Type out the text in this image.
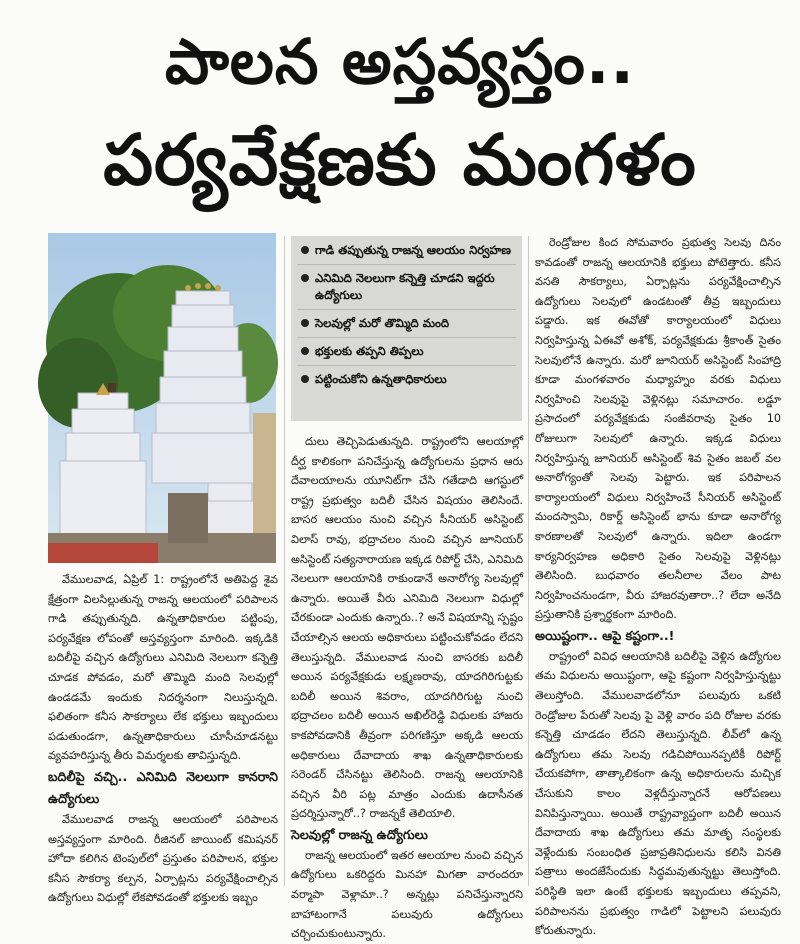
పాలన అస్తవ్యస్తం..
పర్యవేక్షణకు మంగళం

వేములవాడ, ఏప్రిల్ 1: రాష్ట్రంలోనే అతిపెద్ద శైవ క్షేత్రంగా విలసిల్లుతున్న రాజన్న ఆలయంలో పరిపాలన గాడి తప్పుతున్నది. ఉన్నతాధికారుల పట్టింపు, పర్యవేక్షణ లోపంతో అస్తవ్యస్తంగా మారింది. ఇక్కడికి బదిలీపై వచ్చిన ఉద్యోగులు ఎనిమిది నెలలుగా కన్నెత్తి చూడక పోవడం, మరో తొమ్మిది మంది సెలవుల్లో ఉండడమే ఇందుకు నిదర్శనంగా నిలుస్తున్నది. ఫలితంగా కనీస సౌకర్యాలు లేక భక్తులు ఇబ్బందులు పడుతుండగా, ఉన్నతాధికారులు చూసీచూడనట్టు వ్యవహరిస్తున్న తీరు విమర్శలకు తావిస్తున్నది.

బదిలీపై వచ్చి.. ఎనిమిది నెలలుగా కానరాని ఉద్యోగులు

వేములవాడ రాజన్న ఆలయంలో పరిపాలన అస్తవ్యస్తంగా మారింది. రీజినల్ జాయింట్ కమిషనర్ హోదా కలిగిన టెంపుల్‌లో ప్రస్తుతం పరిపాలన, భక్తుల కనీస సౌకర్యా కల్పన, ఏర్పాట్లను పర్యవేక్షించాల్సిన ఉద్యోగులు విధుల్లో లేకపోవడంతో భక్తులకు ఇబ్బం

గాడి తప్పుతున్న రాజన్న ఆలయం నిర్వహణ
ఎనిమిది నెలలుగా కన్నెత్తి చూడని ఇద్దరు ఉద్యోగులు
సెలవుల్లో మరో తొమ్మిది మంది
భక్తులకు తప్పని తిప్పలు
పట్టించుకోని ఉన్నతాధికారులు

దులు తెచ్చిపెడుతున్నది. రాష్ట్రంలోని ఆలయాల్లో దీర్ఘ కాలికంగా పనిచేస్తున్న ఉద్యోగులను ప్రధాన ఆరు దేవాలయాలను యూనిట్‌గా చేసి గతేడాది ఆగస్టులో రాష్ట్ర ప్రభుత్వం బదిలీ చేసిన విషయం తెలిసిందే. బాసర ఆలయం నుంచి వచ్చిన సీనియర్ అసిస్టెంట్ విలాస్ రావు, భద్రాచలం నుంచి వచ్చిన జూనియర్ అసిస్టెంట్ సత్యనారాయణ ఇక్కడ రిపోర్ట్ చేసి, ఎనిమిది నెలలుగా ఆలయానికి రాకుండానే అనారోగ్య సెలవుల్లో ఉన్నారు. అయితే వీరు ఎనిమిది నెలలుగా విధుల్లో చేరకుండా ఎందుకు ఉన్నారు..? అనే విషయాన్ని స్పష్టం చేయాల్సిన ఆలయ అధికారులు పట్టించుకోవడం లేదని తెలుస్తున్నది. వేములవాడ నుంచి బాసరకు బదిలీ అయిన పర్యవేక్షకుడు లక్ష్మణరావు, యాదగిరిగుట్టకు బదిలీ అయిన శివరాం, యాదగిరిగుట్ట నుంచి భద్రాచలం బదిలీ అయిన అఖిల్‌రెడ్డి విధులకు హాజరు కాకపోవడానికి తీవ్రంగా పరిగణిస్తూ అక్కడి ఆలయ అధికారులు దేవాదాయ శాఖ ఉన్నతాధికారులకు సరెండర్ చేసినట్టు తెలిసింది. రాజన్న ఆలయానికి వచ్చిన వీరి పట్ల మాత్రం ఎందుకు ఉదాసీనత ప్రదర్శిస్తున్నారో..? రాజన్నకే తెలియాలి.

సెలవుల్లో రాజన్న ఉద్యోగులు

రాజన్న ఆలయంలో ఇతర ఆలయాల నుంచి వచ్చిన ఉద్యోగులు ఒకరిద్దరు మినహా మిగతా వారందరూ వర్మాపా వెళ్లామా..? అన్నట్లు పనిచేస్తున్నారని బాహాటంగానే పలువురు ఉద్యోగులు చర్చించుకుంటున్నారు.

రెండ్రోజుల కింద సోమవారం ప్రభుత్వ సెలవు దినం కావడంతో రాజన్న ఆలయానికి భక్తులు పోటెత్తారు. కనీస వసతి సౌకర్యాలు, ఏర్పాట్లను పర్యవేక్షించాల్సిన ఉద్యోగులు సెలవులో ఉండటంతో తీవ్ర ఇబ్బందులు పడ్డారు. ఇక ఈవోతో కార్యాలయంలో విధులు నిర్వహిస్తున్న ఏఈవో అశోక్, పర్యవేక్షకుడు శ్రీకాంత్ సైతం సెలవులోనే ఉన్నారు. మరో జూనియర్ అసిస్టెంట్ సింహాద్రి కూడా మంగళవారం మధ్యాహ్నం వరకు విధులు నిర్వహించి సెలవుపై వెళ్లినట్లు సమాచారం. లడ్డూ ప్రసాదంలో పర్యవేక్షకుడు సంజీవరావు సైతం 10 రోజులుగా సెలవులో ఉన్నారు. ఇక్కడ విధులు నిర్వహిస్తున్న జూనియర్ అసిస్టెంట్ శివ సైతం జబల్‌ వల అనారోగ్యంతో సెలవు పెట్టారు. ఇక పరిపాలన కార్యాలయంలో విధులు నిర్వహించే సీనియర్ అసిస్టెంట్ మందస్వామి, రికార్డ్ అసిస్టెంట్ భాను కూడా అనారోగ్య కారణాలతో సెలవులో ఉన్నారు. ఇదిలా ఉండగా కార్యనిర్వహణ అధికారి సైతం సెలవుపై వెళ్లినట్లు తెలిసింది. బుధవారం తలనీలాల వేలం పాట నిర్వహించనుండగా, వీరు హాజరవుతారా..? లేదా అనేది ప్రస్తుతానికి ప్రశ్నార్థకంగా మారింది.

అయిష్టంగా.. ఆపై కష్టంగా..!

రాష్ట్రంలో వివిధ ఆలయానికి బదిలీపై వెళ్లిన ఉద్యోగుల తమ విధులను అయిష్టంగా, ఆపై కష్టంగా నిర్వహిస్తున్నట్టు తెలుస్తోంది. వేములవాడలోనూ పలువురు ఒకటి రెండ్రోజుల పేరుతో సెలవు పై వెళ్లి వారం పది రోజుల వరకు కన్నెత్తి చూడడం లేదని తెలుస్తున్నది. లీవ్‌లో ఉన్న ఉద్యోగులు తమ సెలవు గడిచిపోయినప్పటికీ రిపోర్ట్ చేయకపోగా, తాత్కాలికంగా ఉన్న అధికారులను మచ్చిక చేసుకుని కాలం వెళ్లదీస్తున్నారనే ఆరోపణలు వినిపిస్తున్నాయి. అయితే రాష్ట్రవ్యాప్తంగా బదిలీ అయిన దేవాదాయ శాఖ ఉద్యోగులు తమ మాతృ సంస్థలకు వెళ్లేందుకు సంబంధిత ప్రజాప్రతినిధులను కలిసి వినతి పత్రాలు అందజేసేందుకు సిద్ధమవుతున్నట్టు తెలుస్తోంది. పరిస్థితి ఇలా ఉంటే భక్తులకు ఇబ్బందులు తప్పవని, పరిపాలనను ప్రభుత్వం గాడిలో పెట్టాలని పలువురు కోరుతున్నారు.
